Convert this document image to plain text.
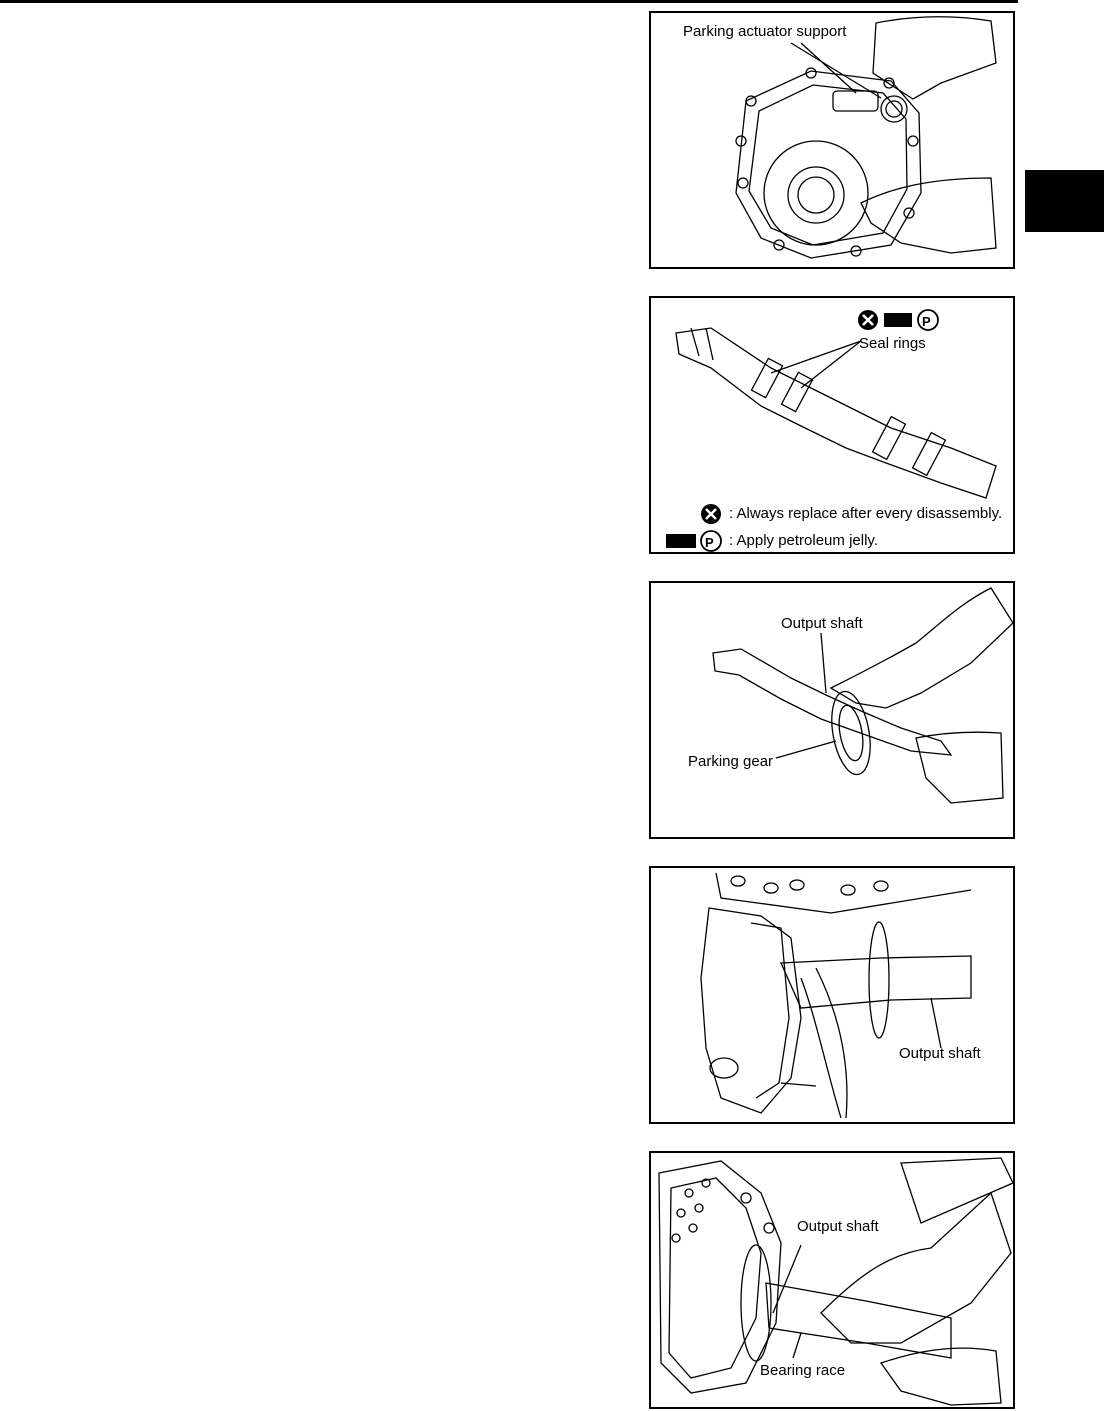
Parking actuator support
P
Seal rings
: Always replace after every disassembly.
P : Apply petroleum jelly.
Output shaft
Parking gear
Output shaft
Output shaft
Bearing race
